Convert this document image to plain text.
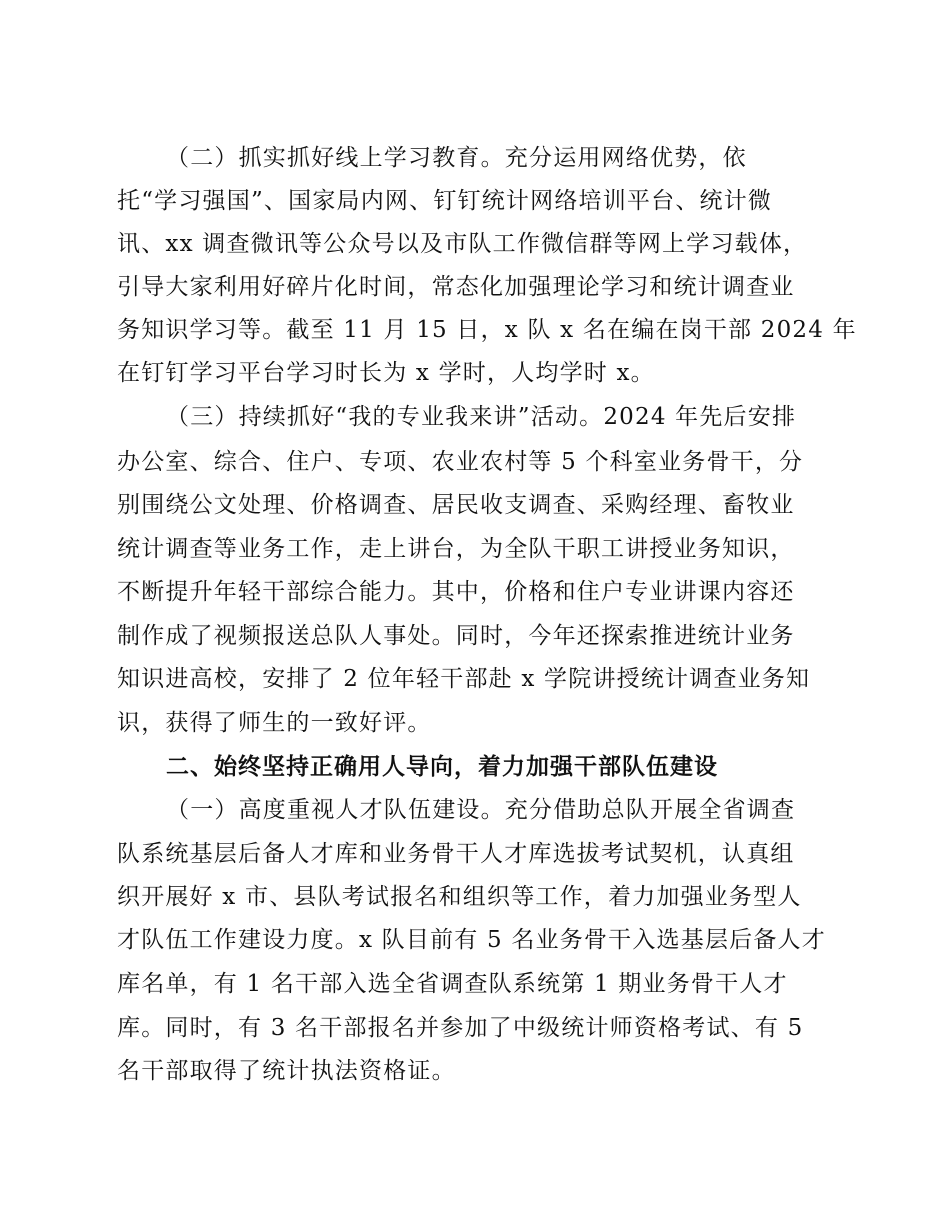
（二）抓实抓好线上学习教育。充分运用网络优势，依
托“学习强国”、国家局内网、钉钉统计网络培训平台、统计微
讯、xx 调查微讯等公众号以及市队工作微信群等网上学习载体，
引导大家利用好碎片化时间，常态化加强理论学习和统计调查业
务知识学习等。截至 11 月 15 日，x 队 x 名在编在岗干部 2024 年
在钉钉学习平台学习时长为 x 学时，人均学时 x。
（三）持续抓好“我的专业我来讲”活动。2024 年先后安排
办公室、综合、住户、专项、农业农村等 5 个科室业务骨干，分
别围绕公文处理、价格调查、居民收支调查、采购经理、畜牧业
统计调查等业务工作，走上讲台，为全队干职工讲授业务知识，
不断提升年轻干部综合能力。其中，价格和住户专业讲课内容还
制作成了视频报送总队人事处。同时，今年还探索推进统计业务
知识进高校，安排了 2 位年轻干部赴 x 学院讲授统计调查业务知
识，获得了师生的一致好评。
二、始终坚持正确用人导向，着力加强干部队伍建设
（一）高度重视人才队伍建设。充分借助总队开展全省调查
队系统基层后备人才库和业务骨干人才库选拔考试契机，认真组
织开展好 x 市、县队考试报名和组织等工作，着力加强业务型人
才队伍工作建设力度。x 队目前有 5 名业务骨干入选基层后备人才
库名单，有 1 名干部入选全省调查队系统第 1 期业务骨干人才
库。同时，有 3 名干部报名并参加了中级统计师资格考试、有 5
名干部取得了统计执法资格证。
